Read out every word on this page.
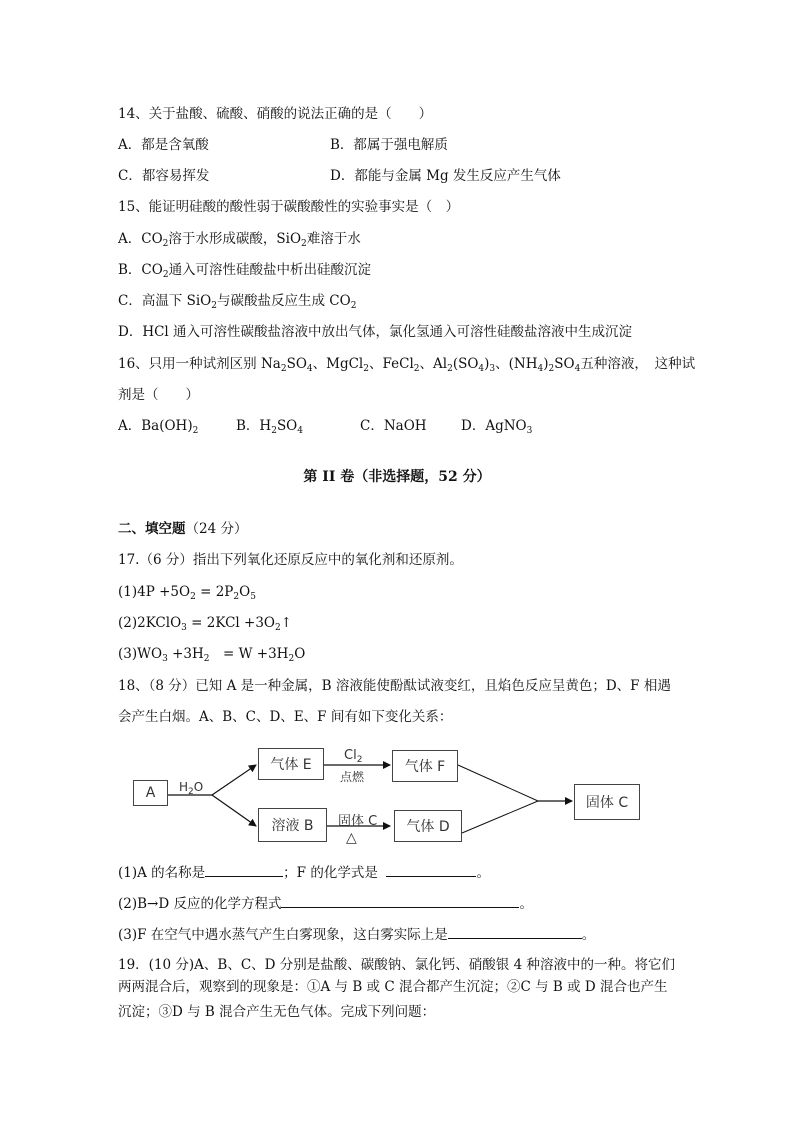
14、关于盐酸、硫酸、硝酸的说法正确的是（　　）
A．都是含氧酸	B．都属于强电解质
C．都容易挥发	D．都能与金属 Mg 发生反应产生气体
15、能证明硅酸的酸性弱于碳酸酸性的实验事实是（　）
A．$CO_2$溶于水形成碳酸，SiO$_2$难溶于水
B．$CO_2$通入可溶性硅酸盐中析出硅酸沉淀
C．高温下 SiO$_2$与碳酸盐反应生成 $CO_2$
D．HCl 通入可溶性碳酸盐溶液中放出气体，氯化氢通入可溶性硅酸盐溶液中生成沉淀
16、只用一种试剂区别 $Na_2SO_4$、MgCl$_2$、FeCl$_2$、$Al_2(SO_4)_3$、$(NH_4)_2SO_4$五种溶液，　这种试
剂是（　　）
A．$Ba(OH)_2$	B．$H_2SO_4$	C．NaOH	D．AgNO$_3$
第 II 卷（非选择题，52 分）
二、填空题（24 分）
17.（6 分）指出下列氧化还原反应中的氧化剂和还原剂。
$(1)4P +5O_2 = 2P_2O_5$
(2)2KClO$_3$ = $2KCl +3O_2↑$
$(3)WO_3 +3H_2$　= $W +3H_2O$
18、（8 分）已知 A 是一种金属，B 溶液能使酚酞试液变红，且焰色反应呈黄色；D、F 相遇
会产生白烟。A、B、C、D、E、F 间有如下变化关系：
A	$H_2O$
气体 E
$Cl_2$
点燃
气体 F
溶液 B	固体 C
△
气体 D
固体 C
(1)A 的名称是	；F 的化学式是	。
(2)B→D 反应的化学方程式	。
(3)F 在空气中遇水蒸气产生白雾现象，这白雾实际上是	。
19．(10 分)A、B、C、D 分别是盐酸、碳酸钠、氯化钙、硝酸银 4 种溶液中的一种。将它们
两两混合后，观察到的现象是：①A 与 B 或 C 混合都产生沉淀；②C 与 B 或 D 混合也产生
沉淀；③D 与 B 混合产生无色气体。完成下列问题：
